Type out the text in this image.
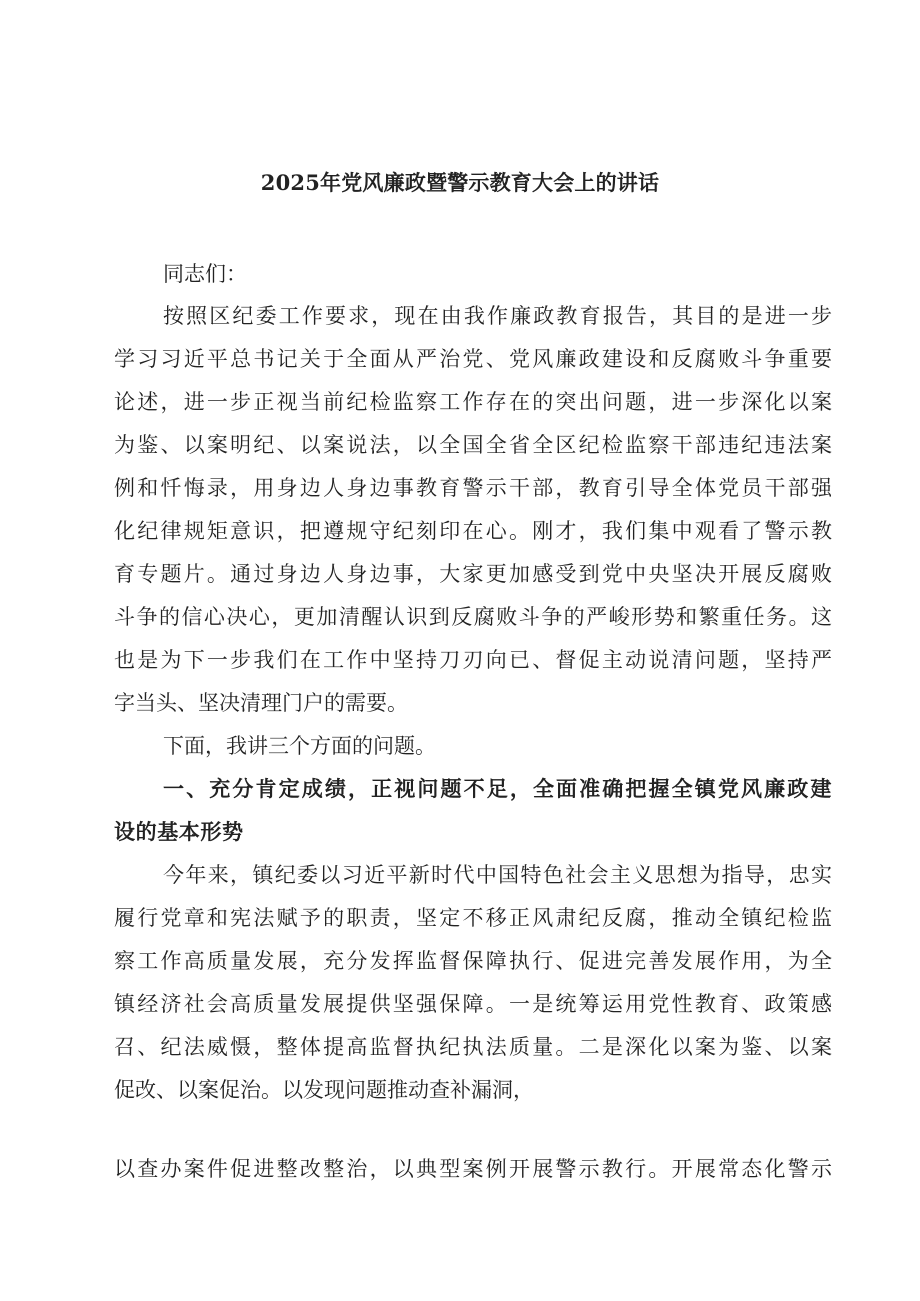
2025年党风廉政暨警示教育大会上的讲话

同志们：

按照区纪委工作要求，现在由我作廉政教育报告，其目的是进一步

学习习近平总书记关于全面从严治党、党风廉政建设和反腐败斗争重要

论述，进一步正视当前纪检监察工作存在的突出问题，进一步深化以案

为鉴、以案明纪、以案说法，以全国全省全区纪检监察干部违纪违法案

例和忏悔录，用身边人身边事教育警示干部，教育引导全体党员干部强

化纪律规矩意识，把遵规守纪刻印在心。刚才，我们集中观看了警示教

育专题片。通过身边人身边事，大家更加感受到党中央坚决开展反腐败

斗争的信心决心，更加清醒认识到反腐败斗争的严峻形势和繁重任务。这

也是为下一步我们在工作中坚持刀刃向已、督促主动说清问题，坚持严

字当头、坚决清理门户的需要。

下面，我讲三个方面的问题。

一、充分肯定成绩，正视问题不足，全面准确把握全镇党风廉政建

设的基本形势

今年来，镇纪委以习近平新时代中国特色社会主义思想为指导，忠实

履行党章和宪法赋予的职责，坚定不移正风肃纪反腐，推动全镇纪检监

察工作高质量发展，充分发挥监督保障执行、促进完善发展作用，为全

镇经济社会高质量发展提供坚强保障。一是统筹运用党性教育、政策感

召、纪法威慑，整体提高监督执纪执法质量。二是深化以案为鉴、以案

促改、以案促治。以发现问题推动查补漏洞，

以查办案件促进整改整治，以典型案例开展警示教行。开展常态化警示
